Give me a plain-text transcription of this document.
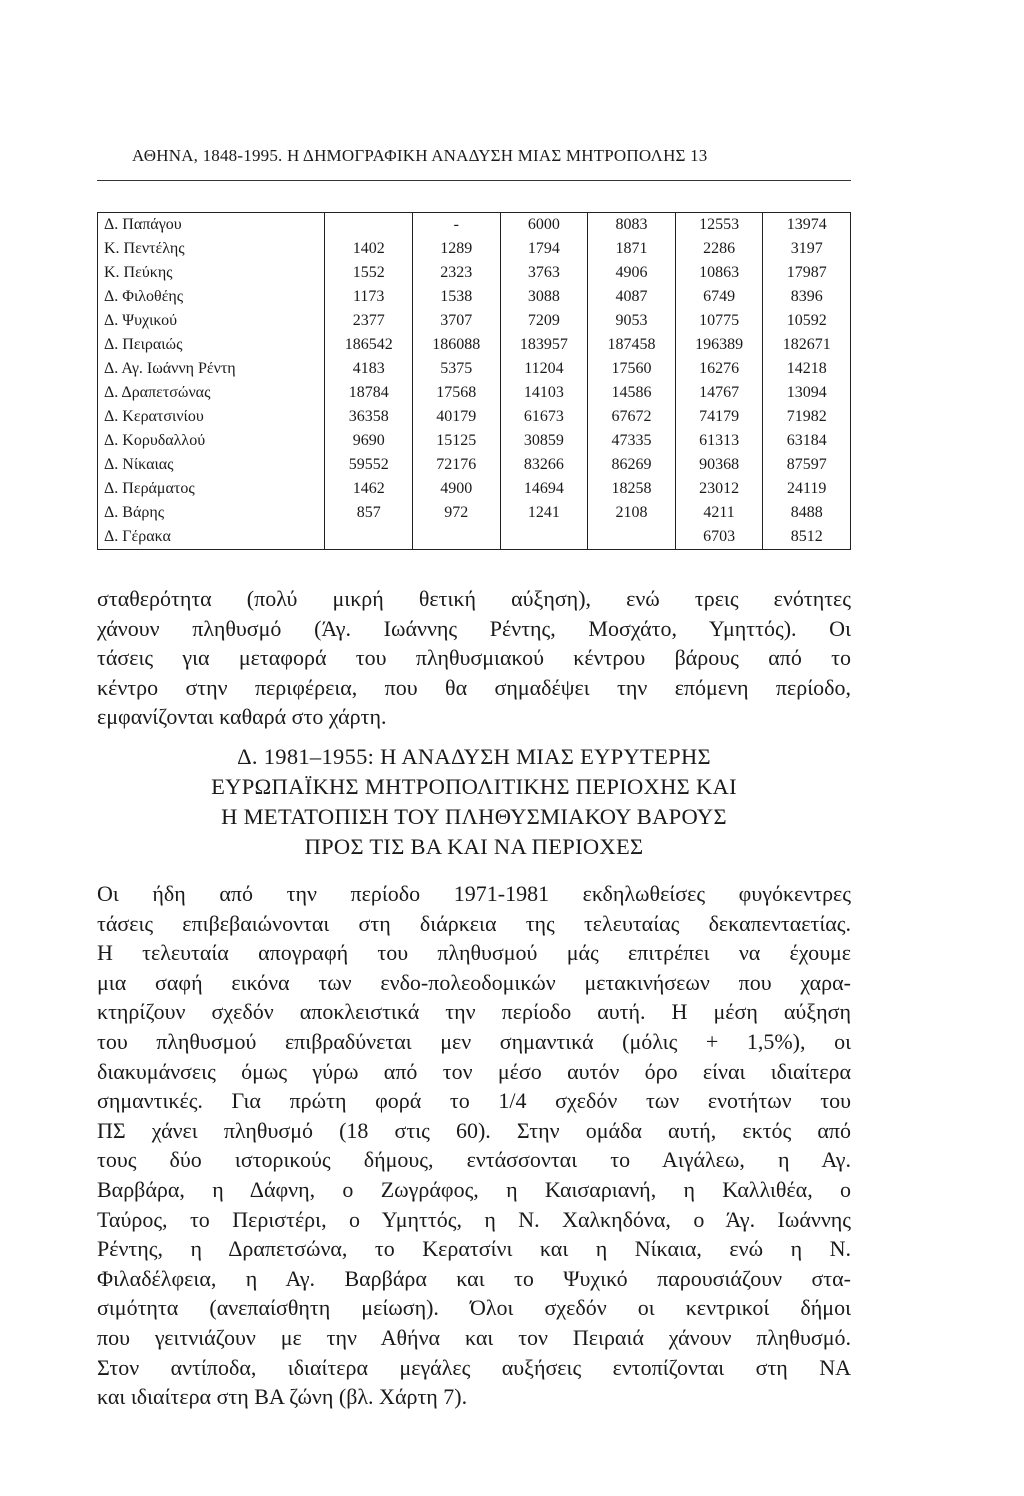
ΑΘΗΝΑ, 1848-1995. Η ΔΗΜΟΓΡΑΦΙΚΗ ΑΝΑΔΥΣΗ ΜΙΑΣ ΜΗΤΡΟΠΟΛΗΣ 13
Δ. Παπάγου		-	6000	8083	12553	13974
Κ. Πεντέλης	1402	1289	1794	1871	2286	3197
Κ. Πεύκης	1552	2323	3763	4906	10863	17987
Δ. Φιλοθέης	1173	1538	3088	4087	6749	8396
Δ. Ψυχικού	2377	3707	7209	9053	10775	10592
Δ. Πειραιώς	186542	186088	183957	187458	196389	182671
Δ. Αγ. Ιωάννη Ρέντη	4183	5375	11204	17560	16276	14218
Δ. Δραπετσώνας	18784	17568	14103	14586	14767	13094
Δ. Κερατσινίου	36358	40179	61673	67672	74179	71982
Δ. Κορυδαλλού	9690	15125	30859	47335	61313	63184
Δ. Νίκαιας	59552	72176	83266	86269	90368	87597
Δ. Περάματος	1462	4900	14694	18258	23012	24119
Δ. Βάρης	857	972	1241	2108	4211	8488
Δ. Γέρακα					6703	8512
σταθερότητα (πολύ μικρή θετική αύξηση), ενώ τρεις ενότητες
χάνουν πληθυσμό (Άγ. Ιωάννης Ρέντης, Μοσχάτο, Υμηττός). Οι
τάσεις για μεταφορά του πληθυσμιακού κέντρου βάρους από το
κέντρο στην περιφέρεια, που θα σημαδέψει την επόμενη περίοδο,
εμφανίζονται καθαρά στο χάρτη.
Δ. 1981–1955: Η ΑΝΑΔΥΣΗ ΜΙΑΣ ΕΥΡΥΤΕΡΗΣ
ΕΥΡΩΠΑΪΚΗΣ ΜΗΤΡΟΠΟΛΙΤΙΚΗΣ ΠΕΡΙΟΧΗΣ ΚΑΙ
Η ΜΕΤΑΤΟΠΙΣΗ ΤΟΥ ΠΛΗΘΥΣΜΙΑΚΟΥ ΒΑΡΟΥΣ
ΠΡΟΣ ΤΙΣ ΒΑ ΚΑΙ ΝΑ ΠΕΡΙΟΧΕΣ
Οι ήδη από την περίοδο 1971-1981 εκδηλωθείσες φυγόκεντρες
τάσεις επιβεβαιώνονται στη διάρκεια της τελευταίας δεκαπενταετίας.
Η τελευταία απογραφή του πληθυσμού μάς επιτρέπει να έχουμε
μια σαφή εικόνα των ενδο-πολεοδομικών μετακινήσεων που χαρα-
κτηρίζουν σχεδόν αποκλειστικά την περίοδο αυτή. Η μέση αύξηση
του πληθυσμού επιβραδύνεται μεν σημαντικά (μόλις + 1,5%), οι
διακυμάνσεις όμως γύρω από τον μέσο αυτόν όρο είναι ιδιαίτερα
σημαντικές. Για πρώτη φορά το 1/4 σχεδόν των ενοτήτων του
ΠΣ χάνει πληθυσμό (18 στις 60). Στην ομάδα αυτή, εκτός από
τους δύο ιστορικούς δήμους, εντάσσονται το Αιγάλεω, η Αγ.
Βαρβάρα, η Δάφνη, ο Ζωγράφος, η Καισαριανή, η Καλλιθέα, ο
Ταύρος, το Περιστέρι, ο Υμηττός, η Ν. Χαλκηδόνα, ο Άγ. Ιωάννης
Ρέντης, η Δραπετσώνα, το Κερατσίνι και η Νίκαια, ενώ η Ν.
Φιλαδέλφεια, η Αγ. Βαρβάρα και το Ψυχικό παρουσιάζουν στα-
σιμότητα (ανεπαίσθητη μείωση). Όλοι σχεδόν οι κεντρικοί δήμοι
που γειτνιάζουν με την Αθήνα και τον Πειραιά χάνουν πληθυσμό.
Στον αντίποδα, ιδιαίτερα μεγάλες αυξήσεις εντοπίζονται στη ΝΑ
και ιδιαίτερα στη ΒΑ ζώνη (βλ. Χάρτη 7).
